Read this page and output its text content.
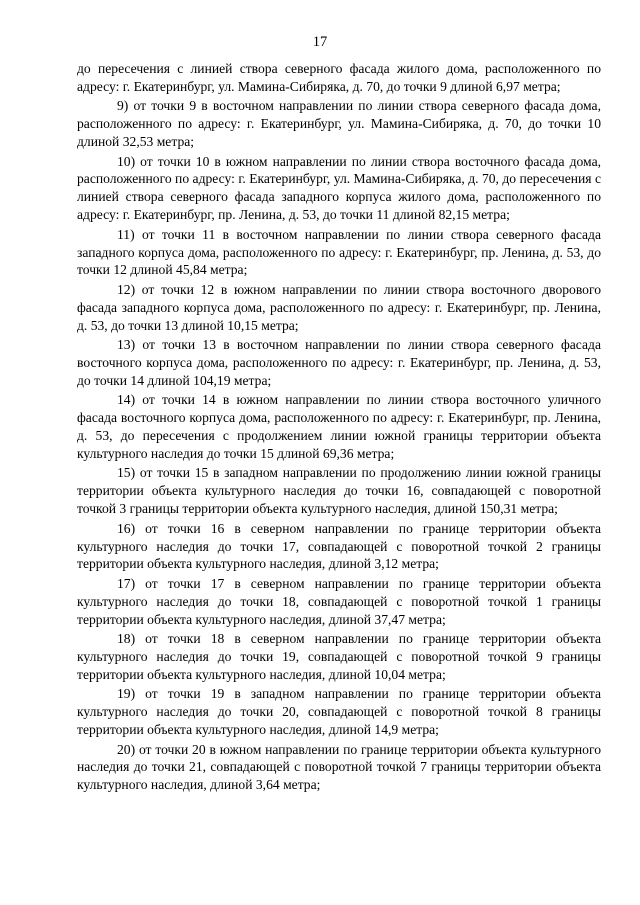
17

до пересечения с линией створа северного фасада жилого дома, расположенного по адресу: г. Екатеринбург, ул. Мамина-Сибиряка, д. 70, до точки 9 длиной 6,97 метра;

9) от точки 9 в восточном направлении по линии створа северного фасада дома, расположенного по адресу: г. Екатеринбург, ул. Мамина-Сибиряка, д. 70, до точки 10 длиной 32,53 метра;

10) от точки 10 в южном направлении по линии створа восточного фасада дома, расположенного по адресу: г. Екатеринбург, ул. Мамина-Сибиряка, д. 70, до пересечения с линией створа северного фасада западного корпуса жилого дома, расположенного по адресу: г. Екатеринбург, пр. Ленина, д. 53, до точки 11 длиной 82,15 метра;

11) от точки 11 в восточном направлении по линии створа северного фасада западного корпуса дома, расположенного по адресу: г. Екатеринбург, пр. Ленина, д. 53, до точки 12 длиной 45,84 метра;

12) от точки 12 в южном направлении по линии створа восточного дворового фасада западного корпуса дома, расположенного по адресу: г. Екатеринбург, пр. Ленина, д. 53, до точки 13 длиной 10,15 метра;

13) от точки 13 в восточном направлении по линии створа северного фасада восточного корпуса дома, расположенного по адресу: г. Екатеринбург, пр. Ленина, д. 53, до точки 14 длиной 104,19 метра;

14) от точки 14 в южном направлении по линии створа восточного уличного фасада восточного корпуса дома, расположенного по адресу: г. Екатеринбург, пр. Ленина, д. 53, до пересечения с продолжением линии южной границы территории объекта культурного наследия до точки 15 длиной 69,36 метра;

15) от точки 15 в западном направлении по продолжению линии южной границы территории объекта культурного наследия до точки 16, совпадающей с поворотной точкой 3 границы территории объекта культурного наследия, длиной 150,31 метра;

16) от точки 16 в северном направлении по границе территории объекта культурного наследия до точки 17, совпадающей с поворотной точкой 2 границы территории объекта культурного наследия, длиной 3,12 метра;

17) от точки 17 в северном направлении по границе территории объекта культурного наследия до точки 18, совпадающей с поворотной точкой 1 границы территории объекта культурного наследия, длиной 37,47 метра;

18) от точки 18 в северном направлении по границе территории объекта культурного наследия до точки 19, совпадающей с поворотной точкой 9 границы территории объекта культурного наследия, длиной 10,04 метра;

19) от точки 19 в западном направлении по границе территории объекта культурного наследия до точки 20, совпадающей с поворотной точкой 8 границы территории объекта культурного наследия, длиной 14,9 метра;

20) от точки 20 в южном направлении по границе территории объекта культурного наследия до точки 21, совпадающей с поворотной точкой 7 границы территории объекта культурного наследия, длиной 3,64 метра;
